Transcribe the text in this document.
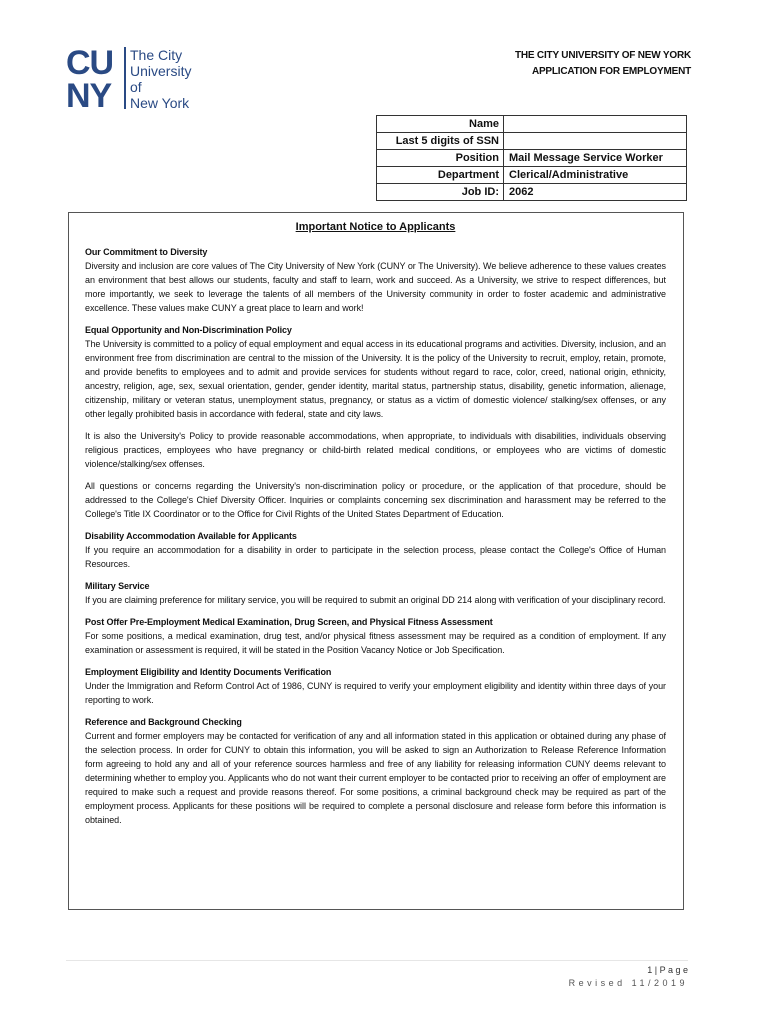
CU
NY
The City
University
of
New York
THE CITY UNIVERSITY OF NEW YORK
APPLICATION FOR EMPLOYMENT
Name	
Last 5 digits of SSN	
Position	Mail Message Service Worker
Department	Clerical/Administrative
Job ID:	2062
Important Notice to Applicants
Our Commitment to Diversity

Diversity and inclusion are core values of The City University of New York (CUNY or The University). We believe adherence to these values creates an environment that best allows our students, faculty and staff to learn, work and succeed. As a University, we strive to respect differences, but more importantly, we seek to leverage the talents of all members of the University community in order to foster academic and administrative excellence. These values make CUNY a great place to learn and work!

Equal Opportunity and Non-Discrimination Policy

The University is committed to a policy of equal employment and equal access in its educational programs and activities. Diversity, inclusion, and an environment free from discrimination are central to the mission of the University. It is the policy of the University to recruit, employ, retain, promote, and provide benefits to employees and to admit and provide services for students without regard to race, color, creed, national origin, ethnicity, ancestry, religion, age, sex, sexual orientation, gender, gender identity, marital status, partnership status, disability, genetic information, alienage, citizenship, military or veteran status, unemployment status, pregnancy, or status as a victim of domestic violence/ stalking/sex offenses, or any other legally prohibited basis in accordance with federal, state and city laws.

It is also the University's Policy to provide reasonable accommodations, when appropriate, to individuals with disabilities, individuals observing religious practices, employees who have pregnancy or child-birth related medical conditions, or employees who are victims of domestic violence/stalking/sex offenses.

All questions or concerns regarding the University's non-discrimination policy or procedure, or the application of that procedure, should be addressed to the College's Chief Diversity Officer. Inquiries or complaints concerning sex discrimination and harassment may be referred to the College's Title IX Coordinator or to the Office for Civil Rights of the United States Department of Education.

Disability Accommodation Available for Applicants

If you require an accommodation for a disability in order to participate in the selection process, please contact the College's Office of Human Resources.

Military Service

If you are claiming preference for military service, you will be required to submit an original DD 214 along with verification of your disciplinary record.

Post Offer Pre-Employment Medical Examination, Drug Screen, and Physical Fitness Assessment

For some positions, a medical examination, drug test, and/or physical fitness assessment may be required as a condition of employment. If any examination or assessment is required, it will be stated in the Position Vacancy Notice or Job Specification.

Employment Eligibility and Identity Documents Verification

Under the Immigration and Reform Control Act of 1986, CUNY is required to verify your employment eligibility and identity within three days of your reporting to work.

Reference and Background Checking

Current and former employers may be contacted for verification of any and all information stated in this application or obtained during any phase of the selection process. In order for CUNY to obtain this information, you will be asked to sign an Authorization to Release Reference Information form agreeing to hold any and all of your reference sources harmless and free of any liability for releasing information CUNY deems relevant to determining whether to employ you. Applicants who do not want their current employer to be contacted prior to receiving an offer of employment are required to make such a request and provide reasons thereof. For some positions, a criminal background check may be required as part of the employment process. Applicants for these positions will be required to complete a personal disclosure and release form before this information is obtained.

1 | P a g e
Revised 11/2019
